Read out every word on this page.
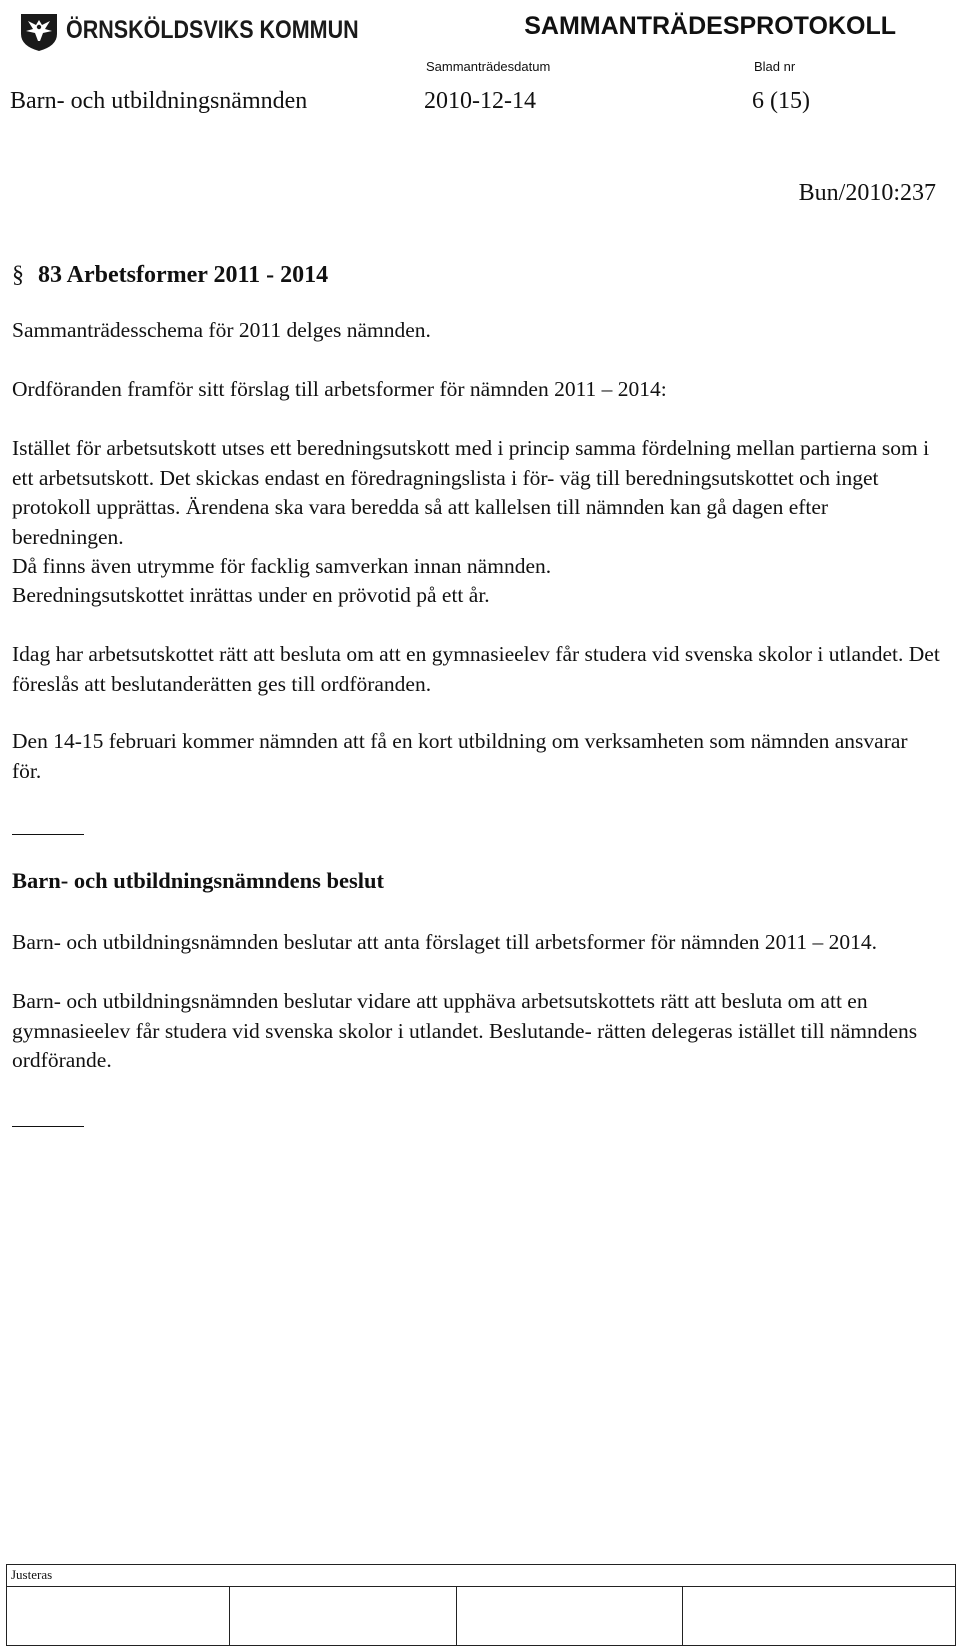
ÖRNSKÖLDSVIKS KOMMUN	SAMMANTRÄDESPROTOKOLL
Sammanträdesdatum	Blad nr
Barn- och utbildningsnämnden	2010-12-14	6 (15)
Bun/2010:237
§ 83 Arbetsformer 2011 - 2014

Sammanträdesschema för 2011 delges nämnden.

Ordföranden framför sitt förslag till arbetsformer för nämnden 2011 – 2014:

Istället för arbetsutskott utses ett beredningsutskott med i princip samma fördelning mellan partierna som i ett arbetsutskott. Det skickas endast en föredragningslista i för- väg till beredningsutskottet och inget protokoll upprättas. Ärendena ska vara beredda så att kallelsen till nämnden kan gå dagen efter beredningen.

Då finns även utrymme för facklig samverkan innan nämnden.

Beredningsutskottet inrättas under en prövotid på ett år.

Idag har arbetsutskottet rätt att besluta om att en gymnasieelev får studera vid svenska skolor i utlandet. Det föreslås att beslutanderätten ges till ordföranden.

Den 14-15 februari kommer nämnden att få en kort utbildning om verksamheten som nämnden ansvarar för.

Barn- och utbildningsnämndens beslut

Barn- och utbildningsnämnden beslutar att anta förslaget till arbetsformer för nämnden 2011 – 2014.

Barn- och utbildningsnämnden beslutar vidare att upphäva arbetsutskottets rätt att besluta om att en gymnasieelev får studera vid svenska skolor i utlandet. Beslutande- rätten delegeras istället till nämndens ordförande.

Justeras
